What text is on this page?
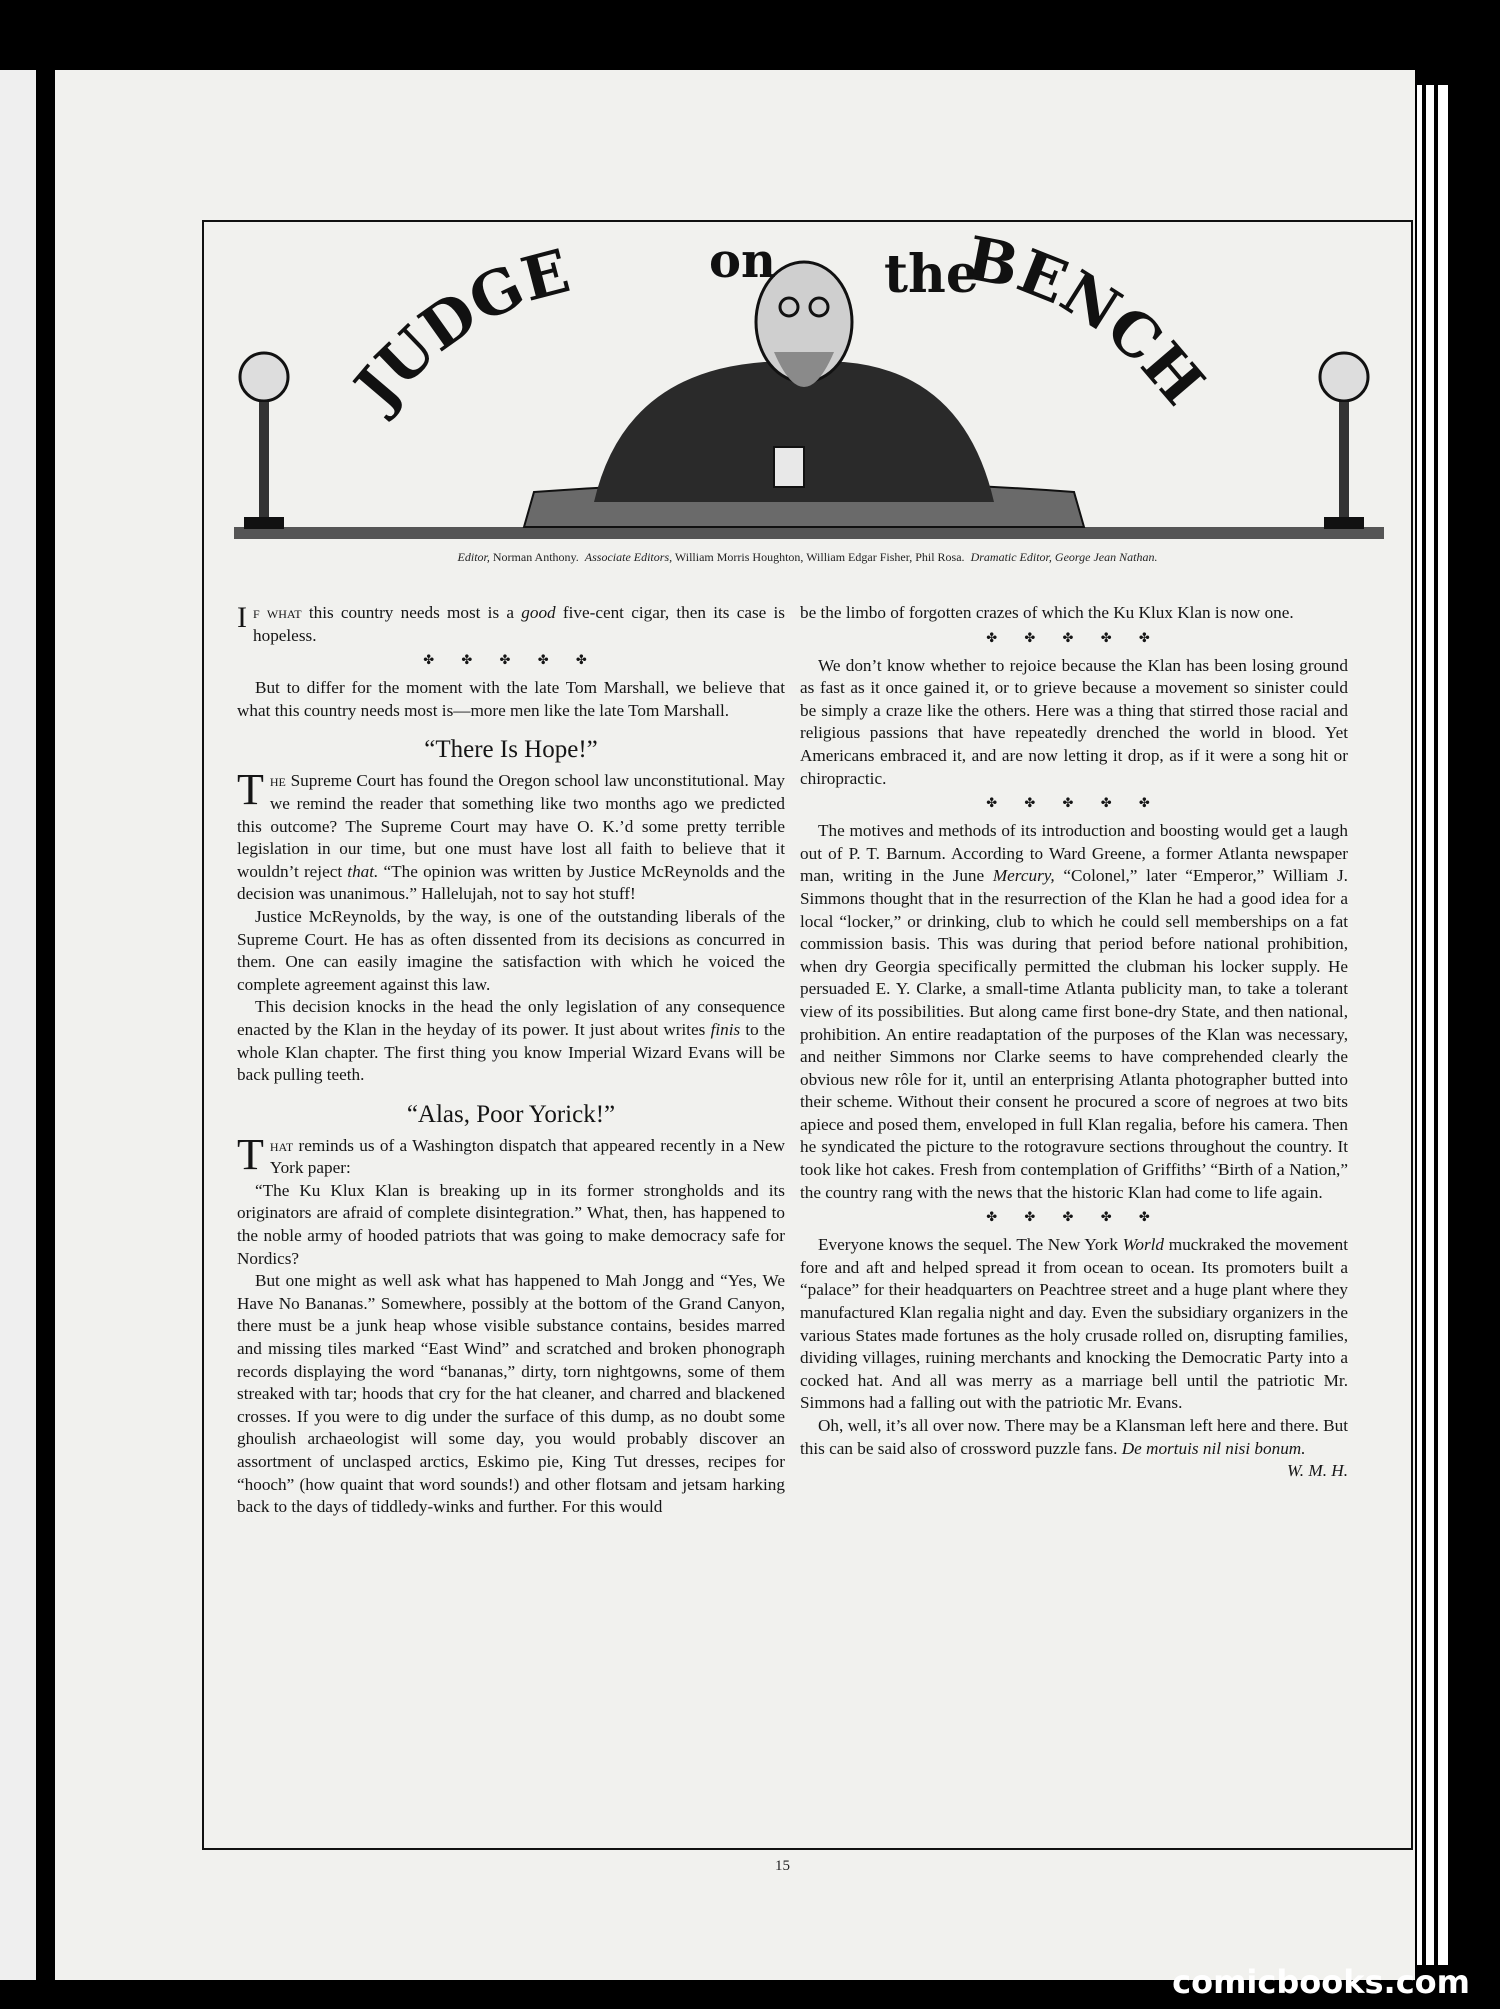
JUDGE	on the
BENCH
Editor, Norman Anthony. Associate Editors, William Morris Houghton, William Edgar Fisher, Phil Rosa. Dramatic Editor, George Jean Nathan.

If what this country needs most is a good five-cent cigar, then its case is hopeless.

✤ ✤ ✤ ✤ ✤

But to differ for the moment with the late Tom Marshall, we believe that what this country needs most is—more men like the late Tom Marshall.

“There Is Hope!”

The Supreme Court has found the Oregon school law unconstitutional. May we remind the reader that something like two months ago we predicted this outcome? The Supreme Court may have O. K.’d some pretty terrible legislation in our time, but one must have lost all faith to believe that it wouldn’t reject that. “The opinion was written by Justice McReynolds and the decision was unanimous.” Hallelujah, not to say hot stuff!

Justice McReynolds, by the way, is one of the outstanding liberals of the Supreme Court. He has as often dissented from its decisions as concurred in them. One can easily imagine the satisfaction with which he voiced the complete agreement against this law.

This decision knocks in the head the only legislation of any consequence enacted by the Klan in the heyday of its power. It just about writes finis to the whole Klan chapter. The first thing you know Imperial Wizard Evans will be back pulling teeth.

“Alas, Poor Yorick!”

That reminds us of a Washington dispatch that appeared recently in a New York paper:

“The Ku Klux Klan is breaking up in its former strongholds and its originators are afraid of complete disintegration.” What, then, has happened to the noble army of hooded patriots that was going to make democracy safe for Nordics?

But one might as well ask what has happened to Mah Jongg and “Yes, We Have No Bananas.” Somewhere, possibly at the bottom of the Grand Canyon, there must be a junk heap whose visible substance contains, besides marred and missing tiles marked “East Wind” and scratched and broken phonograph records displaying the word “bananas,” dirty, torn nightgowns, some of them streaked with tar; hoods that cry for the hat cleaner, and charred and blackened crosses. If you were to dig under the surface of this dump, as no doubt some ghoulish archaeologist will some day, you would probably discover an assortment of unclasped arctics, Eskimo pie, King Tut dresses, recipes for “hooch” (how quaint that word sounds!) and other flotsam and jetsam harking back to the days of tiddledy-winks and further. For this would

be the limbo of forgotten crazes of which the Ku Klux Klan is now one.

✤ ✤ ✤ ✤ ✤

We don’t know whether to rejoice because the Klan has been losing ground as fast as it once gained it, or to grieve because a movement so sinister could be simply a craze like the others. Here was a thing that stirred those racial and religious passions that have repeatedly drenched the world in blood. Yet Americans embraced it, and are now letting it drop, as if it were a song hit or chiropractic.

✤ ✤ ✤ ✤ ✤

The motives and methods of its introduction and boosting would get a laugh out of P. T. Barnum. According to Ward Greene, a former Atlanta newspaper man, writing in the June Mercury, “Colonel,” later “Emperor,” William J. Simmons thought that in the resurrection of the Klan he had a good idea for a local “locker,” or drinking, club to which he could sell memberships on a fat commission basis. This was during that period before national prohibition, when dry Georgia specifically permitted the clubman his locker supply. He persuaded E. Y. Clarke, a small-time Atlanta publicity man, to take a tolerant view of its possibilities. But along came first bone-dry State, and then national, prohibition. An entire readaptation of the purposes of the Klan was necessary, and neither Simmons nor Clarke seems to have comprehended clearly the obvious new rôle for it, until an enterprising Atlanta photographer butted into their scheme. Without their consent he procured a score of negroes at two bits apiece and posed them, enveloped in full Klan regalia, before his camera. Then he syndicated the picture to the rotogravure sections throughout the country. It took like hot cakes. Fresh from contemplation of Griffiths’ “Birth of a Nation,” the country rang with the news that the historic Klan had come to life again.

✤ ✤ ✤ ✤ ✤

Everyone knows the sequel. The New York World muckraked the movement fore and aft and helped spread it from ocean to ocean. Its promoters built a “palace” for their headquarters on Peachtree street and a huge plant where they manufactured Klan regalia night and day. Even the subsidiary organizers in the various States made fortunes as the holy crusade rolled on, disrupting families, dividing villages, ruining merchants and knocking the Democratic Party into a cocked hat. And all was merry as a marriage bell until the patriotic Mr. Simmons had a falling out with the patriotic Mr. Evans.

Oh, well, it’s all over now. There may be a Klansman left here and there. But this can be said also of crossword puzzle fans. De mortuis nil nisi bonum.
W. M. H.

15
comicbooks.com
